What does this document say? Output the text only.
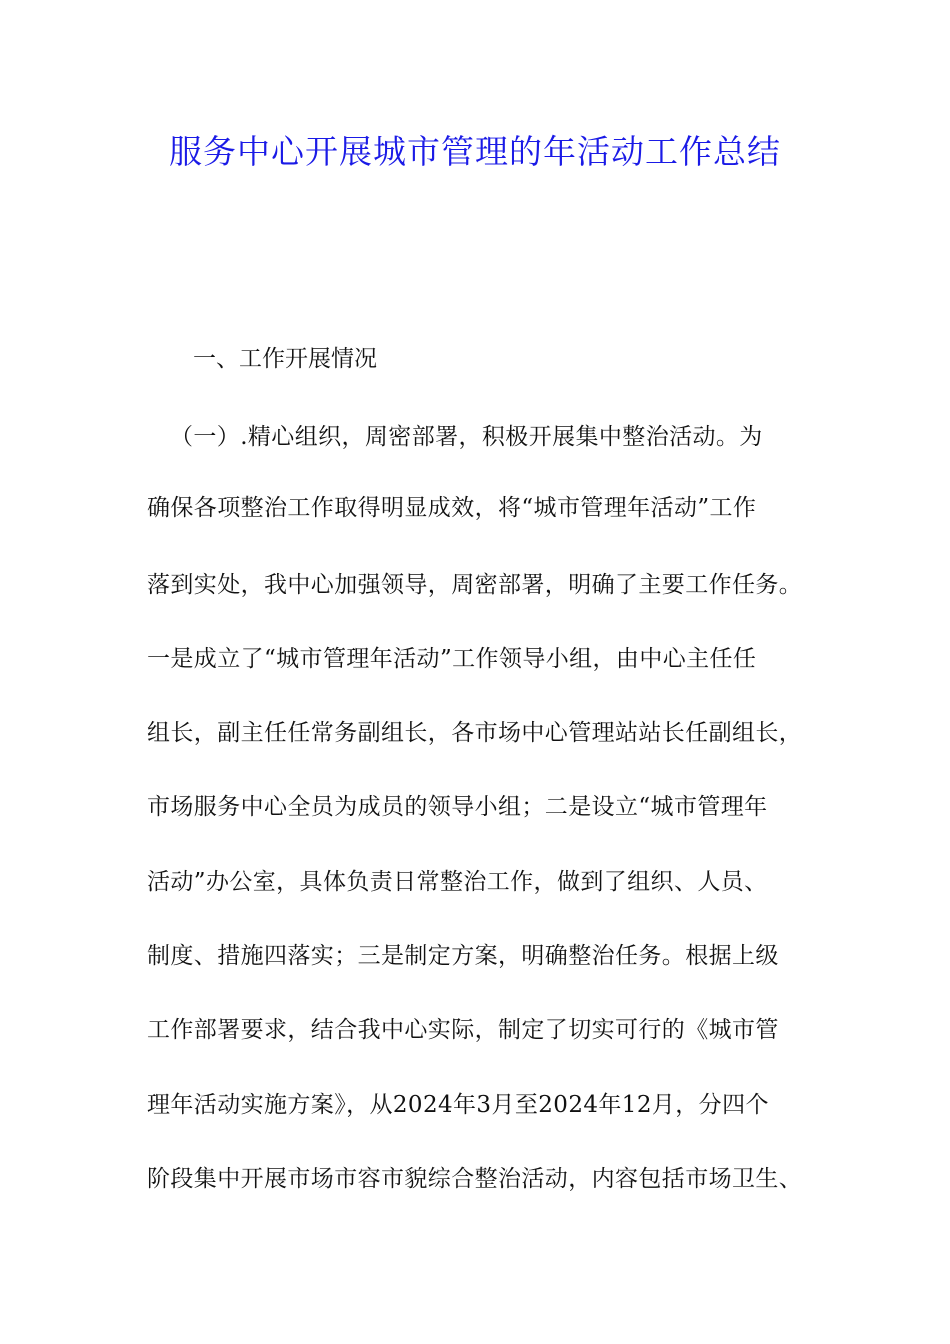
服务中心开展城市管理的年活动工作总结
一、工作开展情况
（一）.精心组织，周密部署，积极开展集中整治活动。为
确保各项整治工作取得明显成效，将“城市管理年活动”工作
落到实处，我中心加强领导，周密部署，明确了主要工作任务。
一是成立了“城市管理年活动”工作领导小组，由中心主任任
组长，副主任任常务副组长，各市场中心管理站站长任副组长，
市场服务中心全员为成员的领导小组；二是设立“城市管理年
活动”办公室，具体负责日常整治工作，做到了组织、人员、
制度、措施四落实；三是制定方案，明确整治任务。根据上级
工作部署要求，结合我中心实际，制定了切实可行的《城市管
理年活动实施方案》，从2024年3月至2024年12月，分四个
阶段集中开展市场市容市貌综合整治活动，内容包括市场卫生、
